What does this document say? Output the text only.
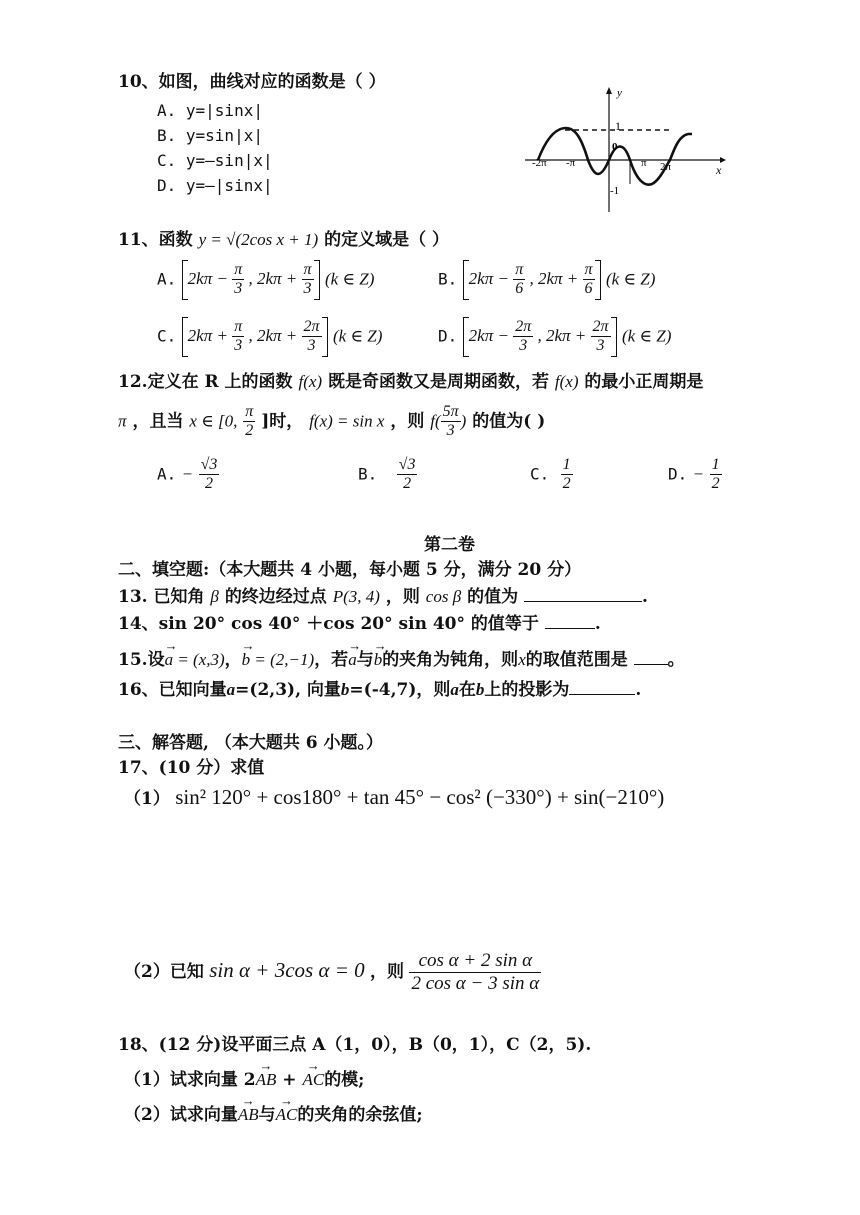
10、如图，曲线对应的函数是（ ）
A. y=|sinx|
B. y=sin|x|
C. y=—sin|x|
D. y=—|sinx|
y
x
0
1
-1
-2π -π	π 2π
11、函数 y = √(2cos x + 1) 的定义域是（ ）
A. $2k\pi - \frac{\pi}{3}$ , $2k\pi + \frac{\pi}{3} (k$ ∈ Z)	B. $2k\pi - \frac{\pi}{6}$ , $2k\pi + \frac{\pi}{6} (k$ ∈ Z)
C. $2k\pi + \frac{\pi}{3}$ , $2k\pi + \frac{2\pi}{3} (k$ ∈ Z)	D. $2k\pi - \frac{2\pi}{3}$ , $2k\pi + \frac{2\pi}{3} (k$ ∈ Z)
12.定义在 R 上的函数 f(x) 既是奇函数又是周期函数，若 f(x) 的最小正周期是
π ，且当 x ∈ [0, $\frac{\pi}{2}$ ]时， f(x) = sin x ，则 $f( \frac{5\pi}{3}$ ) 的值为( )
A. − $\frac{√3}{2}$	B. $\frac{√3}{2}$	C. $\frac{1}{2}$	D. − $\frac{1}{2}$
第二卷
二、填空题:（本大题共 4 小题，每小题 5 分，满分 20 分）
13. 已知角 β 的终边经过点 P(3, 4) ，则 cos β 的值为	.
14、sin 20° cos 40° ＋cos 20° sin 40° 的值等于	.
15.设→ a = (x,3)，→ b = (2,−1)，若→ a与→ b的夹角为钝角，则x的取值范围是 。
16、已知向量a=(2,3), 向量b=(-4,7)，则a在b上的投影为	.
三、解答题, （本大题共 6 小题。）
17、(10 分）求值
（1） sin² 120° + cos180° + tan 45° − cos² (−330°) + sin(−210°)
（2）已知 sin α + 3cos α = 0 ，则 $\frac{\text{cos α + 2 sin α}}{\text{2 cos α − 3 sin α}}$
18、(12 分)设平面三点 A（1，0），B（0，1），C（2，5).
（1）试求向量 2→ AB + → AC的模;
（2）试求向量→ AB与→ AC的夹角的余弦值;
